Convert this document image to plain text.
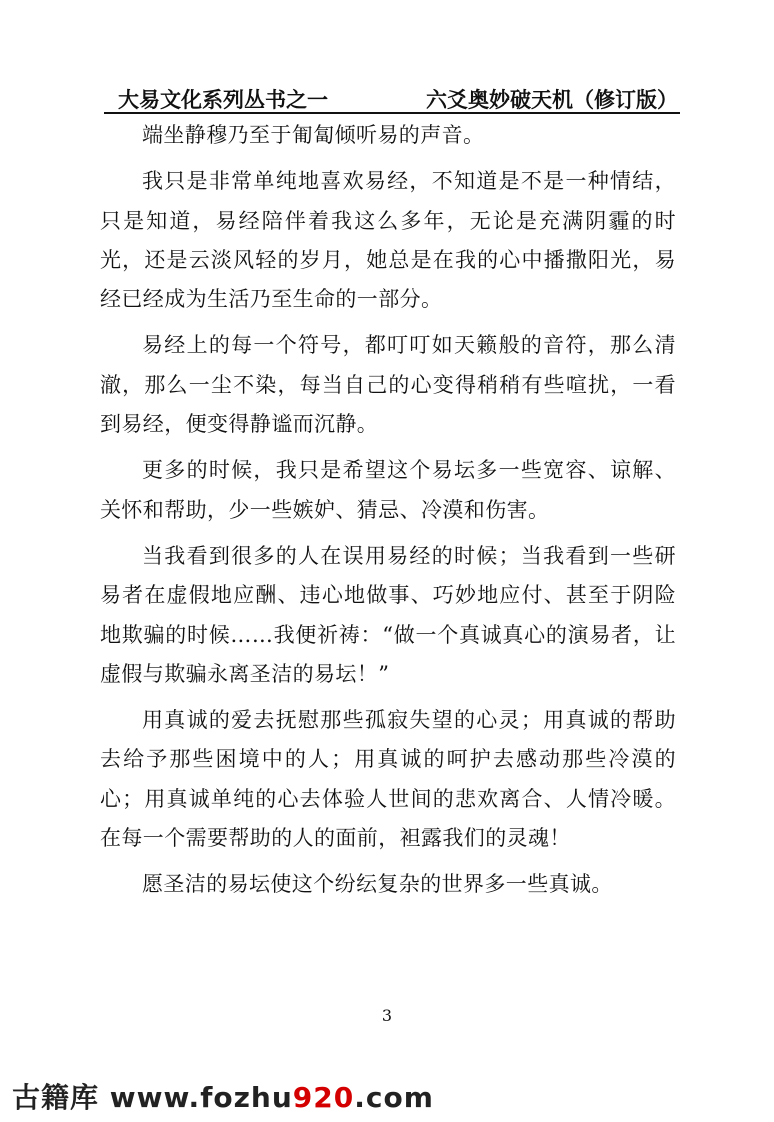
大易文化系列丛书之一	六爻奥妙破天机（修订版）

端坐静穆乃至于匍匐倾听易的声音。

我只是非常单纯地喜欢易经，不知道是不是一种情结，只是知道，易经陪伴着我这么多年，无论是充满阴霾的时光，还是云淡风轻的岁月，她总是在我的心中播撒阳光，易经已经成为生活乃至生命的一部分。

易经上的每一个符号，都叮叮如天籁般的音符，那么清澈，那么一尘不染，每当自己的心变得稍稍有些喧扰，一看到易经，便变得静谧而沉静。

更多的时候，我只是希望这个易坛多一些宽容、谅解、关怀和帮助，少一些嫉妒、猜忌、冷漠和伤害。

当我看到很多的人在误用易经的时候；当我看到一些研易者在虚假地应酬、违心地做事、巧妙地应付、甚至于阴险地欺骗的时候……我便祈祷：“做一个真诚真心的演易者，让虚假与欺骗永离圣洁的易坛！”

用真诚的爱去抚慰那些孤寂失望的心灵；用真诚的帮助去给予那些困境中的人；用真诚的呵护去感动那些冷漠的心；用真诚单纯的心去体验人世间的悲欢离合、人情冷暖。在每一个需要帮助的人的面前，袒露我们的灵魂！

愿圣洁的易坛使这个纷纭复杂的世界多一些真诚。

3
古籍库 www.fozhu920.com
